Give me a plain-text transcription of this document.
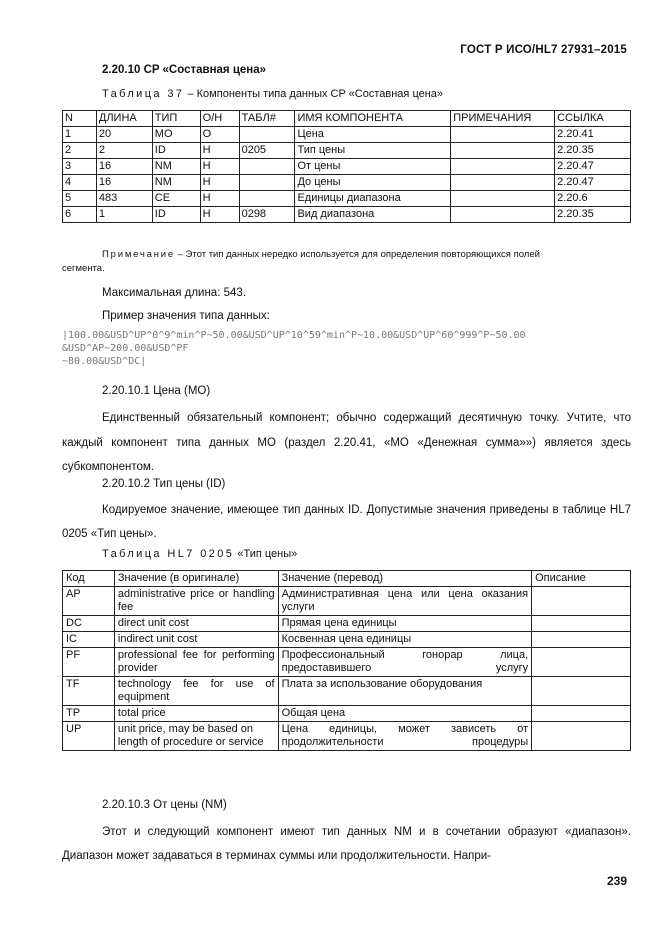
ГОСТ Р ИСО/HL7 27931–2015
2.20.10 CP «Составная цена»
Таблица 37 – Компоненты типа данных CP «Составная цена»
N	ДЛИНА	ТИП	О/Н	ТАБЛ#	ИМЯ КОМПОНЕНТА	ПРИМЕЧАНИЯ	ССЫЛКА
1	20	MO	O		Цена		2.20.41
2	2	ID	H	0205	Тип цены		2.20.35
3	16	NM	H		От цены		2.20.47
4	16	NM	H		До цены		2.20.47
5	483	CE	H		Единицы диапазона		2.20.6
6	1	ID	H	0298	Вид диапазона		2.20.35
Примечание – Этот тип данных нередко используется для определения повторяющихся полей
сегмента.
Максимальная длина: 543.
Пример значения типа данных:
|100.00&USD^UP^0^9^min^P~50.00&USD^UP^10^59^min^P~10.00&USD^UP^60^999^P~50.00
&USD^AP~200.00&USD^PF
~80.00&USD^DC|
2.20.10.1 Цена (MO)
Единственный обязательный компонент; обычно содержащий десятичную точку. Учтите, что каждый компонент типа данных MO (раздел 2.20.41, «MO «Денежная сумма»») является здесь субкомпонентом.
2.20.10.2 Тип цены (ID)
Кодируемое значение, имеющее тип данных ID. Допустимые значения приведены в таблице HL7 0205 «Тип цены».
Таблица HL7 0205 «Тип цены»
Код	Значение (в оригинале)	Значение (перевод)	Описание
AP	administrative price or handling fee	Административная цена или цена оказания услуги	
DC	direct unit cost	Прямая цена единицы	
IC	indirect unit cost	Косвенная цена единицы	
PF	professional fee for performing provider	Профессиональный гонорар лица, предоставившего услугу	
TF	technology fee for use of equipment	Плата за использование оборудования	
TP	total price	Общая цена	
UP	unit price, may be based on length of procedure or service	Цена единицы, может зависеть от продолжительности процедуры	
2.20.10.3 От цены (NM)
Этот и следующий компонент имеют тип данных NM и в сочетании образуют «диапазон». Диапазон может задаваться в терминах суммы или продолжительности. Напри-
239
